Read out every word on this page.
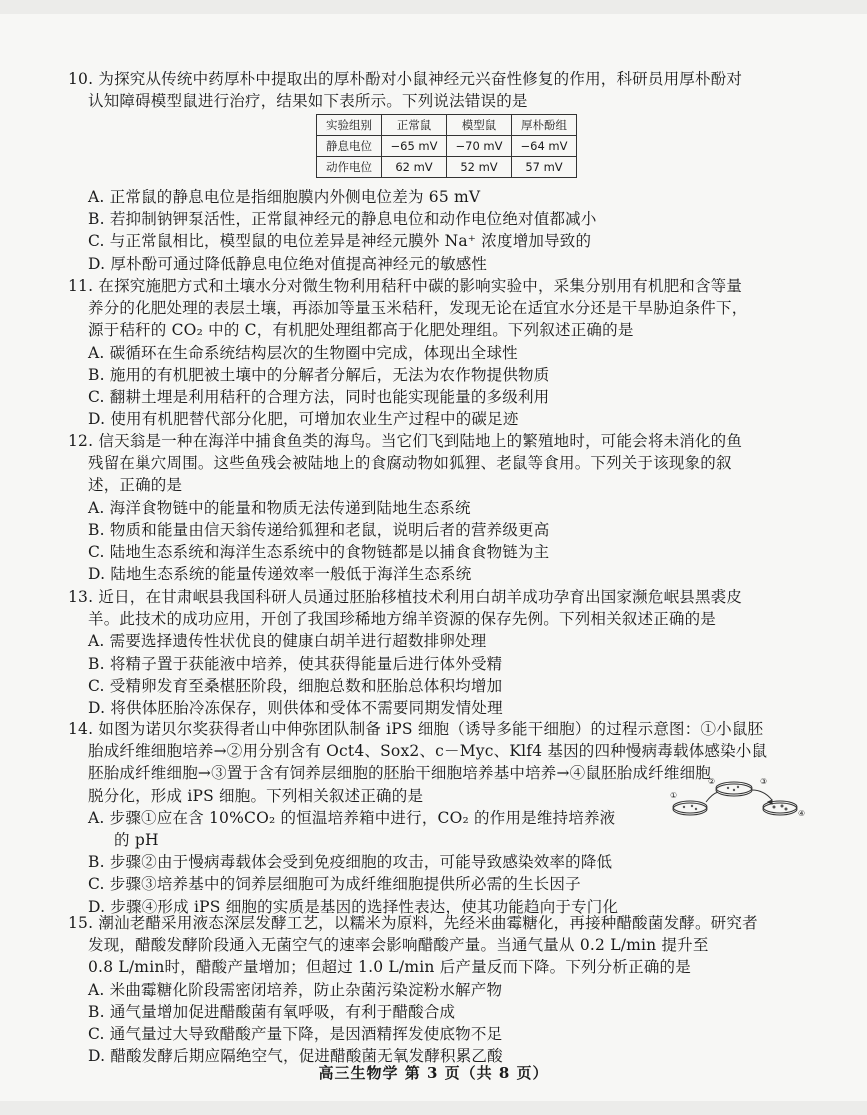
10. 为探究从传统中药厚朴中提取出的厚朴酚对小鼠神经元兴奋性修复的作用，科研员用厚朴酚对
认知障碍模型鼠进行治疗，结果如下表所示。下列说法错误的是
实验组别	正常鼠	模型鼠	厚朴酚组
静息电位	−65 mV	−70 mV	−64 mV
动作电位	62 mV	52 mV	57 mV
A. 正常鼠的静息电位是指细胞膜内外侧电位差为 65 mV
B. 若抑制钠钾泵活性，正常鼠神经元的静息电位和动作电位绝对值都减小
C. 与正常鼠相比，模型鼠的电位差异是神经元膜外 Na⁺ 浓度增加导致的
D. 厚朴酚可通过降低静息电位绝对值提高神经元的敏感性
11. 在探究施肥方式和土壤水分对微生物利用秸秆中碳的影响实验中，采集分别用有机肥和含等量
养分的化肥处理的表层土壤，再添加等量玉米秸秆，发现无论在适宜水分还是干旱胁迫条件下，
源于秸秆的 CO₂ 中的 C，有机肥处理组都高于化肥处理组。下列叙述正确的是
A. 碳循环在生命系统结构层次的生物圈中完成，体现出全球性
B. 施用的有机肥被土壤中的分解者分解后，无法为农作物提供物质
C. 翻耕土埋是利用秸秆的合理方法，同时也能实现能量的多级利用
D. 使用有机肥替代部分化肥，可增加农业生产过程中的碳足迹
12. 信天翁是一种在海洋中捕食鱼类的海鸟。当它们飞到陆地上的繁殖地时，可能会将未消化的鱼
残留在巢穴周围。这些鱼残会被陆地上的食腐动物如狐狸、老鼠等食用。下列关于该现象的叙
述，正确的是
A. 海洋食物链中的能量和物质无法传递到陆地生态系统
B. 物质和能量由信天翁传递给狐狸和老鼠，说明后者的营养级更高
C. 陆地生态系统和海洋生态系统中的食物链都是以捕食食物链为主
D. 陆地生态系统的能量传递效率一般低于海洋生态系统
13. 近日，在甘肃岷县我国科研人员通过胚胎移植技术利用白胡羊成功孕育出国家濒危岷县黑裘皮
羊。此技术的成功应用，开创了我国珍稀地方绵羊资源的保存先例。下列相关叙述正确的是
A. 需要选择遗传性状优良的健康白胡羊进行超数排卵处理
B. 将精子置于获能液中培养，使其获得能量后进行体外受精
C. 受精卵发育至桑椹胚阶段，细胞总数和胚胎总体积均增加
D. 将供体胚胎冷冻保存，则供体和受体不需要同期发情处理
14. 如图为诺贝尔奖获得者山中伸弥团队制备 iPS 细胞（诱导多能干细胞）的过程示意图：①小鼠胚
胎成纤维细胞培养→②用分别含有 Oct4、Sox2、c－Myc、Klf4 基因的四种慢病毒载体感染小鼠
胚胎成纤维细胞→③置于含有饲养层细胞的胚胎干细胞培养基中培养→④鼠胚胎成纤维细胞
脱分化，形成 iPS 细胞。下列相关叙述正确的是
A. 步骤①应在含 10%CO₂ 的恒温培养箱中进行，CO₂ 的作用是维持培养液
的 pH
B. 步骤②由于慢病毒载体会受到免疫细胞的攻击，可能导致感染效率的降低
C. 步骤③培养基中的饲养层细胞可为成纤维细胞提供所必需的生长因子
D. 步骤④形成 iPS 细胞的实质是基因的选择性表达，使其功能趋向于专门化
①
②	③
④
15. 潮汕老醋采用液态深层发酵工艺，以糯米为原料，先经米曲霉糖化，再接种醋酸菌发酵。研究者
发现，醋酸发酵阶段通入无菌空气的速率会影响醋酸产量。当通气量从 0.2 L/min 提升至
0.8 L/min时，醋酸产量增加；但超过 1.0 L/min 后产量反而下降。下列分析正确的是
A. 米曲霉糖化阶段需密闭培养，防止杂菌污染淀粉水解产物
B. 通气量增加促进醋酸菌有氧呼吸，有利于醋酸合成
C. 通气量过大导致醋酸产量下降，是因酒精挥发使底物不足
D. 醋酸发酵后期应隔绝空气，促进醋酸菌无氧发酵积累乙酸
高三生物学 第 3 页（共 8 页）
